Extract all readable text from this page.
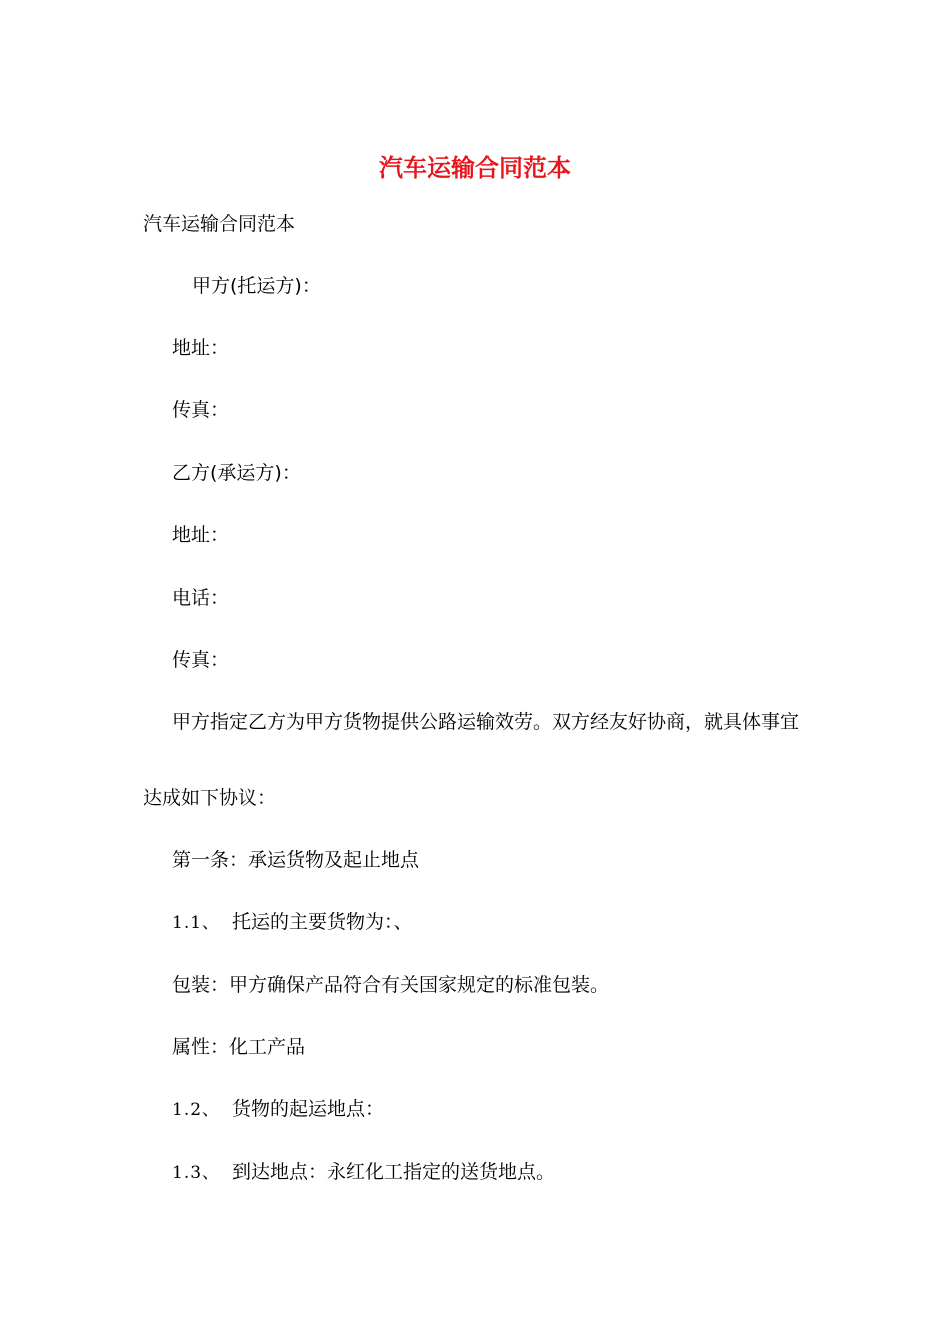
汽车运输合同范本

汽车运输合同范本

甲方(托运方)：

地址：

传真：

乙方(承运方)：

地址：

电话：

传真：

甲方指定乙方为甲方货物提供公路运输效劳。双方经友好协商，就具体事宜

达成如下协议：

第一条：承运货物及起止地点

1.1、 托运的主要货物为：、

包装：甲方确保产品符合有关国家规定的标准包装。

属性：化工产品

1.2、 货物的起运地点：

1.3、 到达地点：永红化工指定的送货地点。
